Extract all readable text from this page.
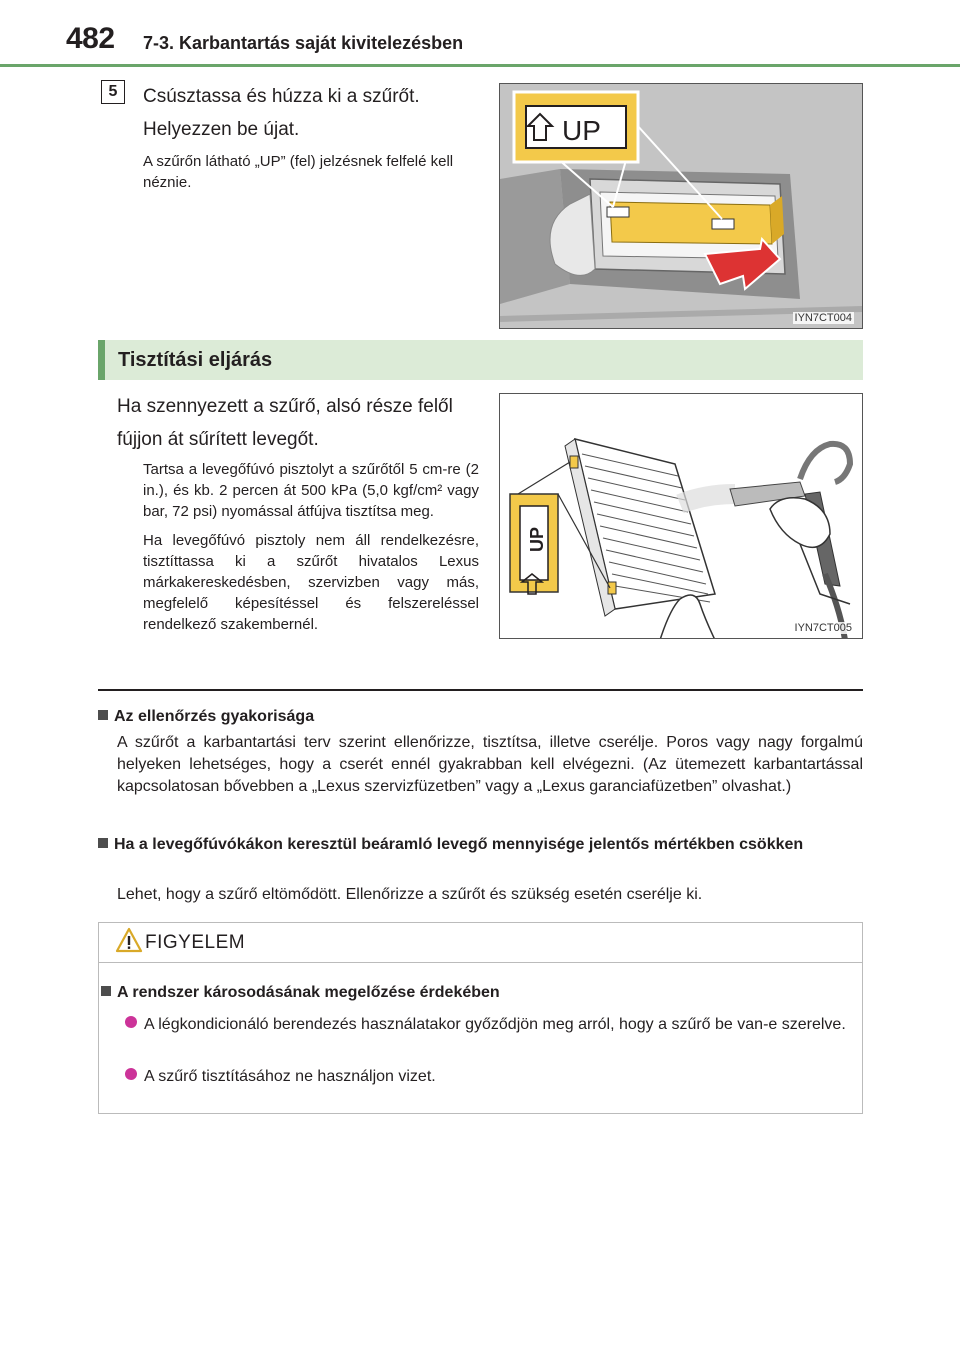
482 7-3. Karbantartás saját kivitelezésben
5	Csúsztassa és húzza ki a szűrőt. Helyezzen be újat.
A szűrőn látható „UP” (fel) jelzésnek felfelé kell néznie.
UP
IYN7CT004
Tisztítási eljárás
Ha szennyezett a szűrő, alsó része felől fújjon át sűrített levegőt.

Tartsa a levegőfúvó pisztolyt a szűrőtől 5 cm-re (2 in.), és kb. 2 percen át 500 kPa (5,0 kgf/cm² vagy bar, 72 psi) nyomással átfújva tisztítsa meg.

Ha levegőfúvó pisztoly nem áll rendelkezésre, tisztíttassa ki a szűrőt hivatalos Lexus márkakereskedésben, szervizben vagy más, megfelelő képesítéssel és felszereléssel rendelkező szakembernél.

UP
IYN7CT005
Az ellenőrzés gyakorisága
A szűrőt a karbantartási terv szerint ellenőrizze, tisztítsa, illetve cserélje. Poros vagy nagy forgalmú helyeken lehetséges, hogy a cserét ennél gyakrabban kell elvégezni. (Az ütemezett karbantartással kapcsolatosan bővebben a „Lexus szervizfüzetben” vagy a „Lexus garanciafüzetben” olvashat.)
Ha a levegőfúvókákon keresztül beáramló levegő mennyisége jelentős mértékben csökken
Lehet, hogy a szűrő eltömődött. Ellenőrizze a szűrőt és szükség esetén cserélje ki.
FIGYELEM
A rendszer károsodásának megelőzése érdekében
A légkondicionáló berendezés használatakor győződjön meg arról, hogy a szűrő be van-e szerelve.
A szűrő tisztításához ne használjon vizet.
